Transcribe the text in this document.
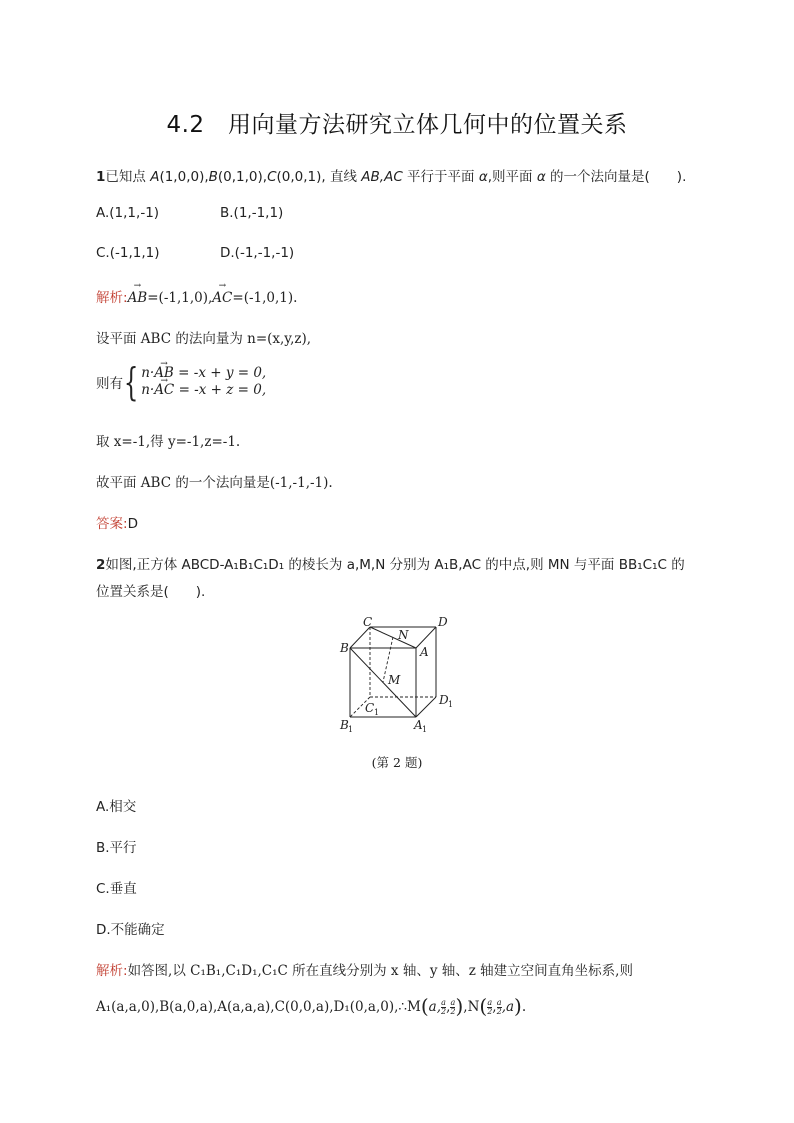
4.2　用向量方法研究立体几何中的位置关系
1已知点 A(1,0,0),B(0,1,0),C(0,0,1), 直线 AB,AC 平行于平面 α,则平面 α 的一个法向量是(　　).
A.(1,1,-1)	B.(1,-1,1)
C.(-1,1,1)	D.(-1,-1,-1)
解析:→ AB=(-1,1,0),→ AC=(-1,0,1).
设平面 ABC 的法向量为 n=(x,y,z),
则有 { n·→ AB = -x + y = 0,
n·→ AC = -x + z = 0,
取 x=-1,得 y=-1,z=-1.
故平面 ABC 的一个法向量是(-1,-1,-1).
答案:D
2如图,正方体 ABCD-A₁B₁C₁D₁ 的棱长为 a,M,N 分别为 A₁B,AC 的中点,则 MN 与平面 BB₁C₁C 的
位置关系是(　　).
C
N
D
B	A
M
D 1
C 1
B 1	A 1
(第 2 题)
A.相交
B.平行
C.垂直
D.不能确定
解析:如答图,以 C₁B₁,C₁D₁,C₁C 所在直线分别为 x 轴、y 轴、z 轴建立空间直角坐标系,则
A₁(a,a,0),B(a,0,a),A(a,a,a),C(0,0,a),D₁(0,a,0),∴M(a, $\frac{a}{2}$ , $\frac{a}{2} ),N( \frac{a}{2}$ , $\frac{a}{2} ,a$).
